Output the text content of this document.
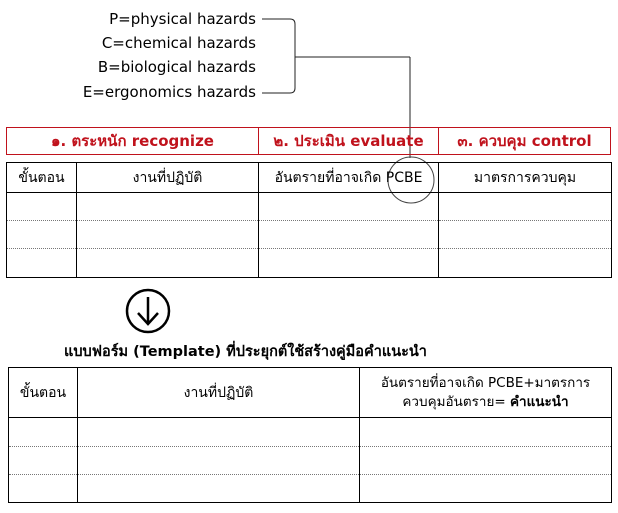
P=physical hazards
C=chemical hazards
B=biological hazards
E=ergonomics hazards
๑. ตระหนัก recognize	๒. ประเมิน evaluate	๓. ควบคุม control
ขั้นตอน	งานที่ปฏิบัติ	อันตรายที่อาจเกิด PCBE	มาตรการควบคุม

แบบฟอร์ม (Template) ที่ประยุกต์ใช้สร้างคู่มือคำแนะนำ
ขั้นตอน	งานที่ปฏิบัติ	อันตรายที่อาจเกิด PCBE+มาตรการ
ควบคุมอันตราย= คำแนะนำ
